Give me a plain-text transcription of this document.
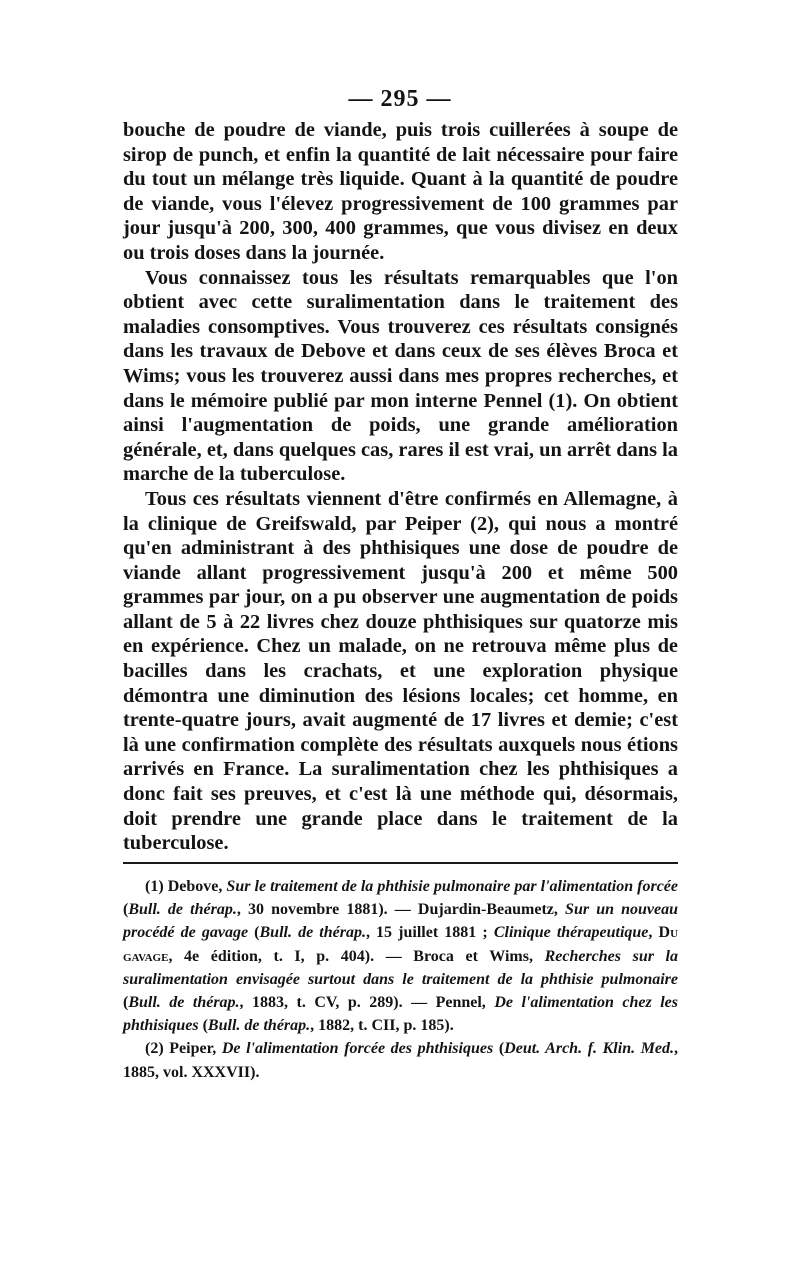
— 295 —

bouche de poudre de viande, puis trois cuillerées à soupe de sirop de punch, et enfin la quantité de lait nécessaire pour faire du tout un mélange très liquide. Quant à la quantité de poudre de viande, vous l'élevez progressivement de 100 grammes par jour jusqu'à 200, 300, 400 grammes, que vous divisez en deux ou trois doses dans la journée.

Vous connaissez tous les résultats remarquables que l'on obtient avec cette suralimentation dans le traitement des maladies consomptives. Vous trouverez ces résultats consignés dans les travaux de Debove et dans ceux de ses élèves Broca et Wims; vous les trouverez aussi dans mes propres recherches, et dans le mémoire publié par mon interne Pennel (1). On obtient ainsi l'augmentation de poids, une grande amélioration générale, et, dans quelques cas, rares il est vrai, un arrêt dans la marche de la tuberculose.

Tous ces résultats viennent d'être confirmés en Allemagne, à la clinique de Greifswald, par Peiper (2), qui nous a montré qu'en administrant à des phthisiques une dose de poudre de viande allant progressivement jusqu'à 200 et même 500 grammes par jour, on a pu observer une augmentation de poids allant de 5 à 22 livres chez douze phthisiques sur quatorze mis en expérience. Chez un malade, on ne retrouva même plus de bacilles dans les crachats, et une exploration physique démontra une diminution des lésions locales; cet homme, en trente-quatre jours, avait augmenté de 17 livres et demie; c'est là une confirmation complète des résultats auxquels nous étions arrivés en France. La suralimentation chez les phthisiques a donc fait ses preuves, et c'est là une méthode qui, désormais, doit prendre une grande place dans le traitement de la tuberculose.

(1) Debove, Sur le traitement de la phthisie pulmonaire par l'alimentation forcée (Bull. de thérap., 30 novembre 1881). — Dujardin-Beaumetz, Sur un nouveau procédé de gavage (Bull. de thérap., 15 juillet 1881 ; Clinique thérapeutique, Du gavage, 4e édition, t. I, p. 404). — Broca et Wims, Recherches sur la suralimentation envisagée surtout dans le traitement de la phthisie pulmonaire (Bull. de thérap., 1883, t. CV, p. 289). — Pennel, De l'alimentation chez les phthisiques (Bull. de thérap., 1882, t. CII, p. 185).

(2) Peiper, De l'alimentation forcée des phthisiques (Deut. Arch. f. Klin. Med., 1885, vol. XXXVII).
